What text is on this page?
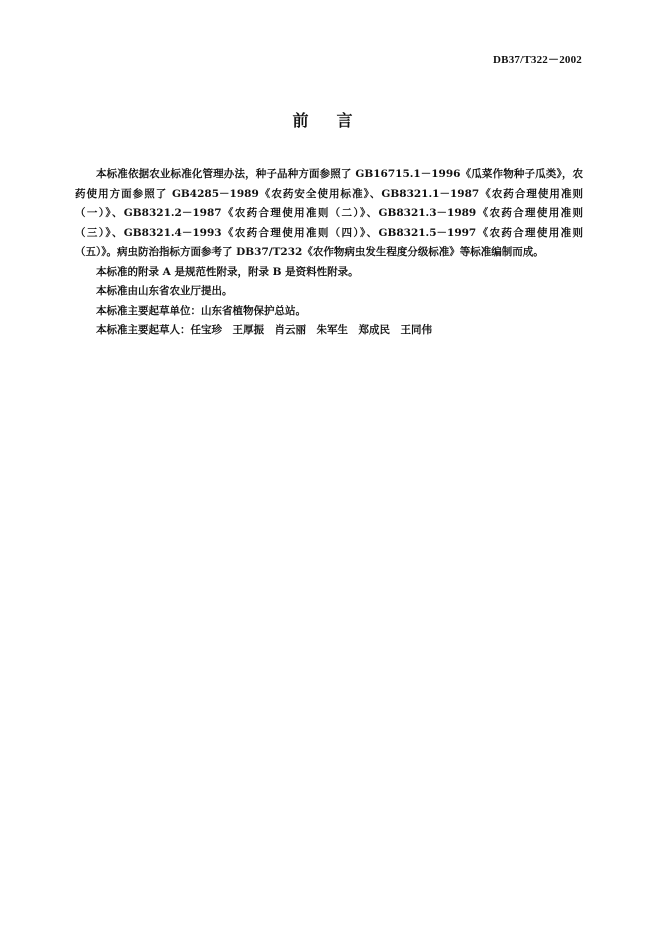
DB37/T322－2002
前言

本标准依据农业标准化管理办法，种子品种方面参照了 GB16715.1－1996《瓜菜作物种子瓜类》，农药使用方面参照了 GB4285－1989《农药安全使用标准》、GB8321.1－1987《农药合理使用准则（一）》、GB8321.2－1987《农药合理使用准则（二）》、GB8321.3－1989《农药合理使用准则（三）》、GB8321.4－1993《农药合理使用准则（四）》、GB8321.5－1997《农药合理使用准则（五）》。病虫防治指标方面参考了 DB37/T232《农作物病虫发生程度分级标准》等标准编制而成。

本标准的附录 A 是规范性附录，附录 B 是资料性附录。

本标准由山东省农业厅提出。

本标准主要起草单位：山东省植物保护总站。

本标准主要起草人：任宝珍　王厚振　肖云丽　朱军生　郑成民　王同伟
